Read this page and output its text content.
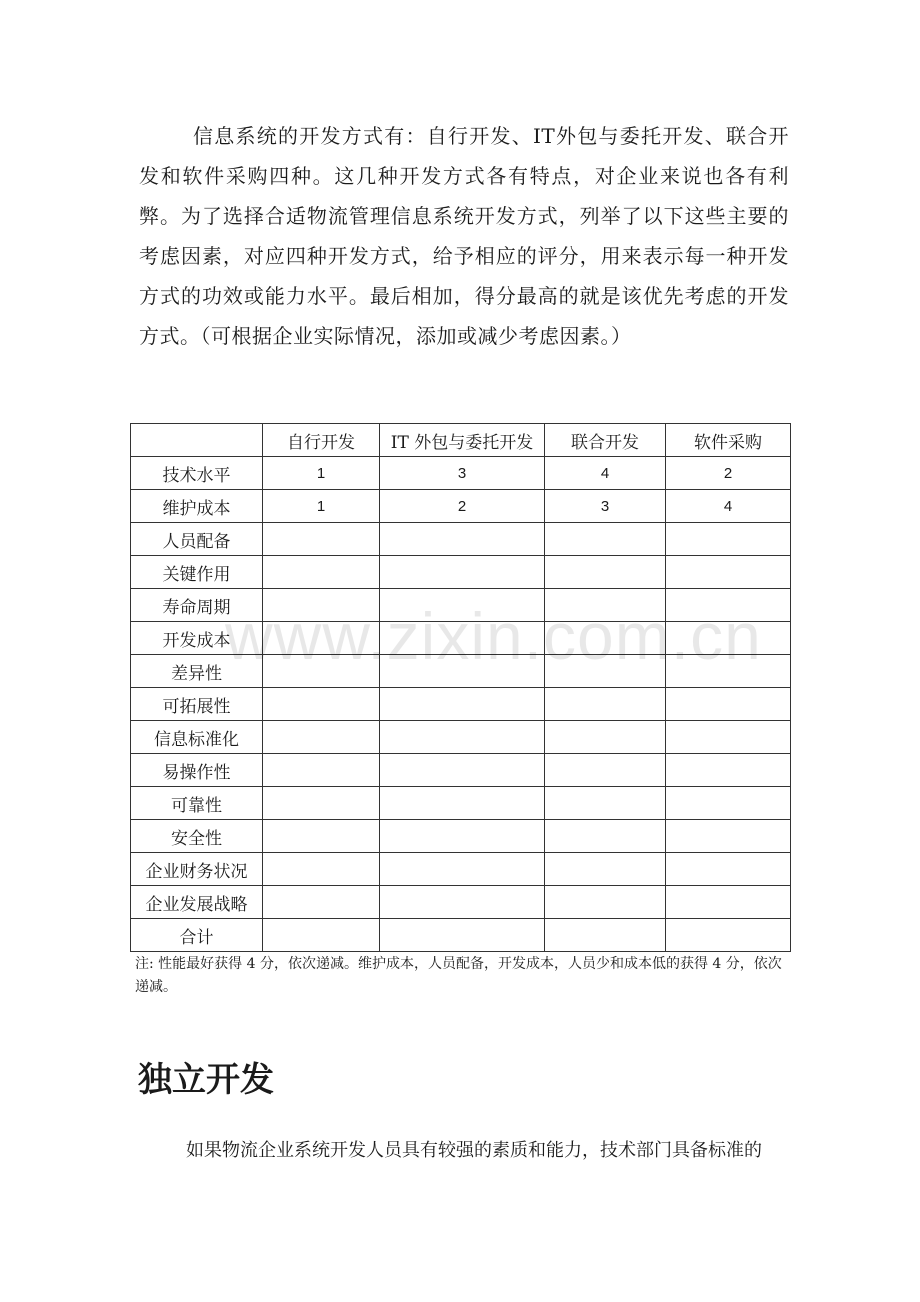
信息系统的开发方式有：自行开发、IT外包与委托开发、联合开发和软件采购四种。这几种开发方式各有特点，对企业来说也各有利弊。为了选择合适物流管理信息系统开发方式，列举了以下这些主要的考虑因素，对应四种开发方式，给予相应的评分，用来表示每一种开发方式的功效或能力水平。最后相加，得分最高的就是该优先考虑的开发方式。（可根据企业实际情况，添加或减少考虑因素。）

	自行开发	IT 外包与委托开发	联合开发	软件采购
技术水平	1	3	4	2
维护成本	1	2	3	4
人员配备				
关键作用				
寿命周期				
开发成本				
差异性				
可拓展性				
信息标准化				
易操作性				
可靠性				
安全性				
企业财务状况				
企业发展战略				
合计				
www.zixin.com.cn

注: 性能最好获得 4 分，依次递减。维护成本，人员配备，开发成本，人员少和成本低的获得 4 分，依次递减。

独立开发

如果物流企业系统开发人员具有较强的素质和能力，技术部门具备标准的
